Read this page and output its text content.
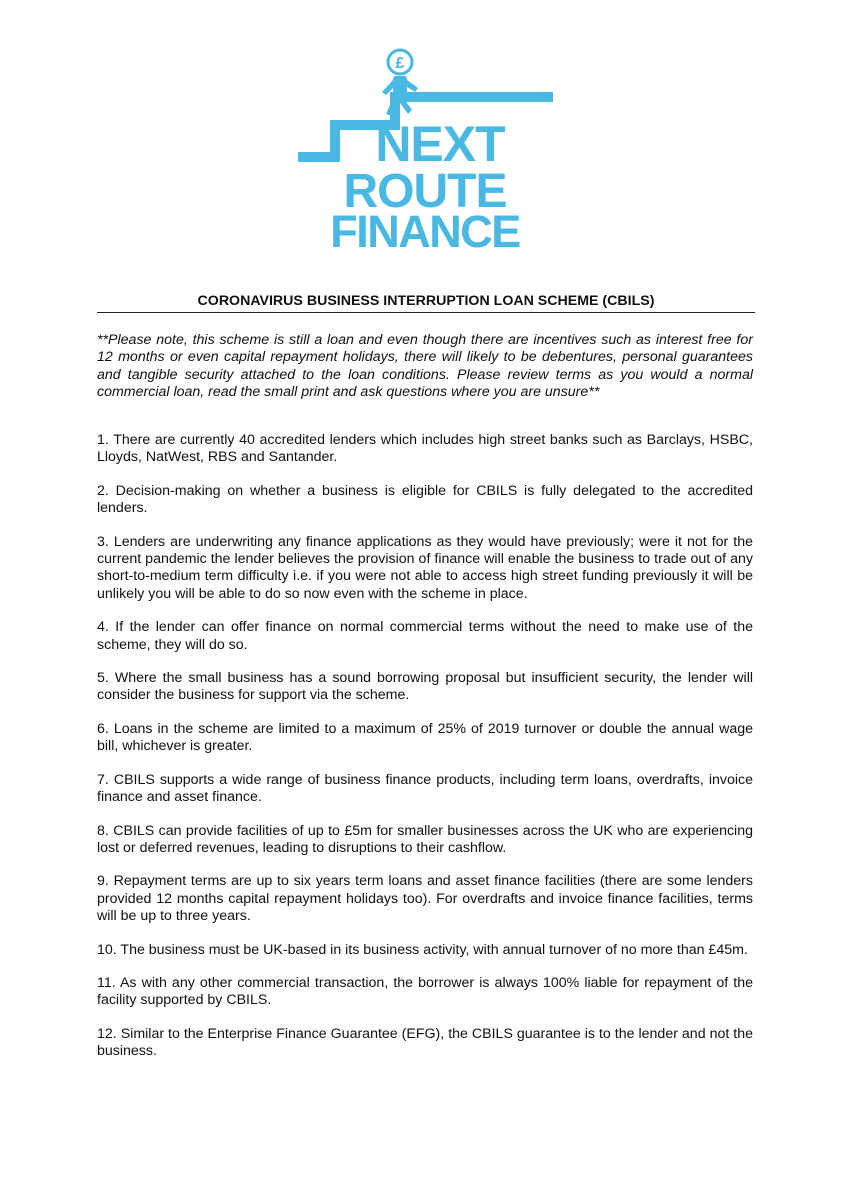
£
NEXT
ROUTE
FINANCE
CORONAVIRUS BUSINESS INTERRUPTION LOAN SCHEME (CBILS)
**Please note, this scheme is still a loan and even though there are incentives such as interest free for 12 months or even capital repayment holidays, there will likely to be debentures, personal guarantees and tangible security attached to the loan conditions. Please review terms as you would a normal commercial loan, read the small print and ask questions where you are unsure**

1. There are currently 40 accredited lenders which includes high street banks such as Barclays, HSBC, Lloyds, NatWest, RBS and Santander.

2. Decision-making on whether a business is eligible for CBILS is fully delegated to the accredited lenders.

3. Lenders are underwriting any finance applications as they would have previously; were it not for the current pandemic the lender believes the provision of finance will enable the business to trade out of any short-to-medium term difficulty i.e. if you were not able to access high street funding previously it will be unlikely you will be able to do so now even with the scheme in place.

4. If the lender can offer finance on normal commercial terms without the need to make use of the scheme, they will do so.

5. Where the small business has a sound borrowing proposal but insufficient security, the lender will consider the business for support via the scheme.

6. Loans in the scheme are limited to a maximum of 25% of 2019 turnover or double the annual wage bill, whichever is greater.

7. CBILS supports a wide range of business finance products, including term loans, overdrafts, invoice finance and asset finance.

8. CBILS can provide facilities of up to £5m for smaller businesses across the UK who are experiencing lost or deferred revenues, leading to disruptions to their cashflow.

9. Repayment terms are up to six years term loans and asset finance facilities (there are some lenders provided 12 months capital repayment holidays too). For overdrafts and invoice finance facilities, terms will be up to three years.

10. The business must be UK-based in its business activity, with annual turnover of no more than £45m.

11. As with any other commercial transaction, the borrower is always 100% liable for repayment of the facility supported by CBILS.

12. Similar to the Enterprise Finance Guarantee (EFG), the CBILS guarantee is to the lender and not the business.
